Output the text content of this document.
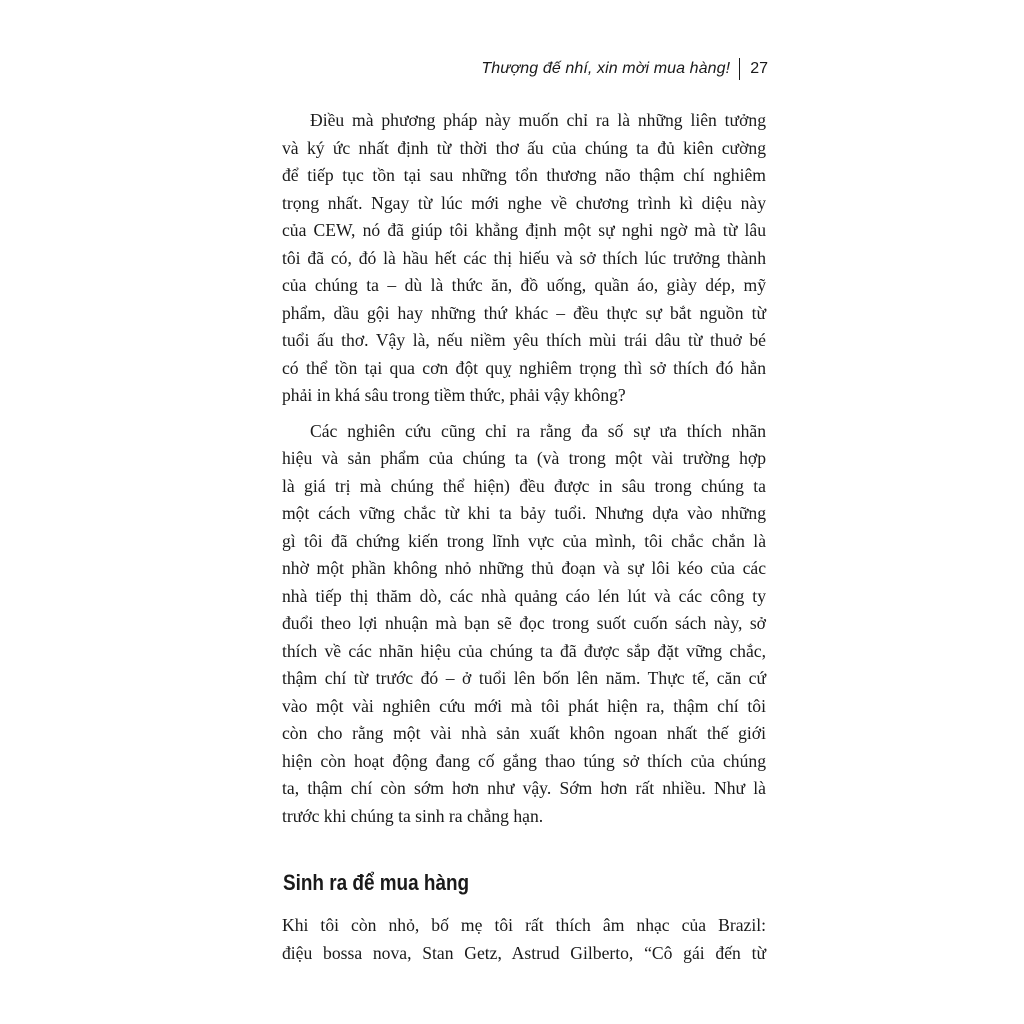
Thượng đế nhí, xin mời mua hàng! 27
Điều mà phương pháp này muốn chỉ ra là những liên tưởng
và ký ức nhất định từ thời thơ ấu của chúng ta đủ kiên cường
để tiếp tục tồn tại sau những tổn thương não thậm chí nghiêm
trọng nhất. Ngay từ lúc mới nghe về chương trình kì diệu này
của CEW, nó đã giúp tôi khẳng định một sự nghi ngờ mà từ lâu
tôi đã có, đó là hầu hết các thị hiếu và sở thích lúc trưởng thành
của chúng ta – dù là thức ăn, đồ uống, quần áo, giày dép, mỹ
phẩm, dầu gội hay những thứ khác – đều thực sự bắt nguồn từ
tuổi ấu thơ. Vậy là, nếu niềm yêu thích mùi trái dâu từ thuở bé
có thể tồn tại qua cơn đột quỵ nghiêm trọng thì sở thích đó hẳn
phải in khá sâu trong tiềm thức, phải vậy không?
Các nghiên cứu cũng chỉ ra rằng đa số sự ưa thích nhãn
hiệu và sản phẩm của chúng ta (và trong một vài trường hợp
là giá trị mà chúng thể hiện) đều được in sâu trong chúng ta
một cách vững chắc từ khi ta bảy tuổi. Nhưng dựa vào những
gì tôi đã chứng kiến trong lĩnh vực của mình, tôi chắc chắn là
nhờ một phần không nhỏ những thủ đoạn và sự lôi kéo của các
nhà tiếp thị thăm dò, các nhà quảng cáo lén lút và các công ty
đuổi theo lợi nhuận mà bạn sẽ đọc trong suốt cuốn sách này, sở
thích về các nhãn hiệu của chúng ta đã được sắp đặt vững chắc,
thậm chí từ trước đó – ở tuổi lên bốn lên năm. Thực tế, căn cứ
vào một vài nghiên cứu mới mà tôi phát hiện ra, thậm chí tôi
còn cho rằng một vài nhà sản xuất khôn ngoan nhất thế giới
hiện còn hoạt động đang cố gắng thao túng sở thích của chúng
ta, thậm chí còn sớm hơn như vậy. Sớm hơn rất nhiều. Như là
trước khi chúng ta sinh ra chẳng hạn.
Sinh ra để mua hàng
Khi tôi còn nhỏ, bố mẹ tôi rất thích âm nhạc của Brazil:
điệu bossa nova, Stan Getz, Astrud Gilberto, “Cô gái đến từ
